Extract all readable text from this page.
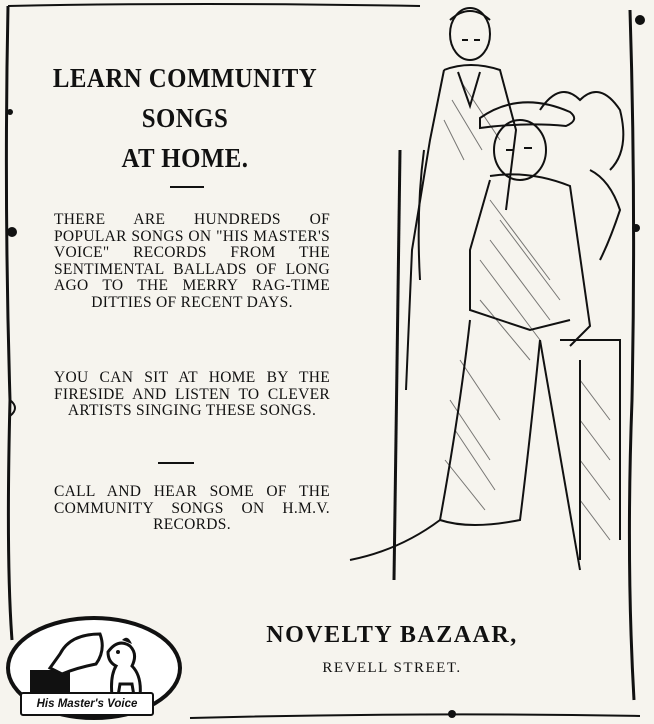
LEARN COMMUNITY
SONGS
AT HOME.
THERE ARE HUNDREDS OF POPULAR SONGS ON "HIS MASTER'S VOICE" RECORDS FROM THE SENTIMENTAL BALLADS OF LONG AGO TO THE MERRY RAG-TIME DITTIES OF RECENT DAYS.
YOU CAN SIT AT HOME BY THE FIRESIDE AND LISTEN TO CLEVER ARTISTS SINGING THESE SONGS.
CALL AND HEAR SOME OF THE COMMUNITY SONGS ON H.M.V. RECORDS.
NOVELTY BAZAAR,
REVELL STREET.
His Master's Voice
